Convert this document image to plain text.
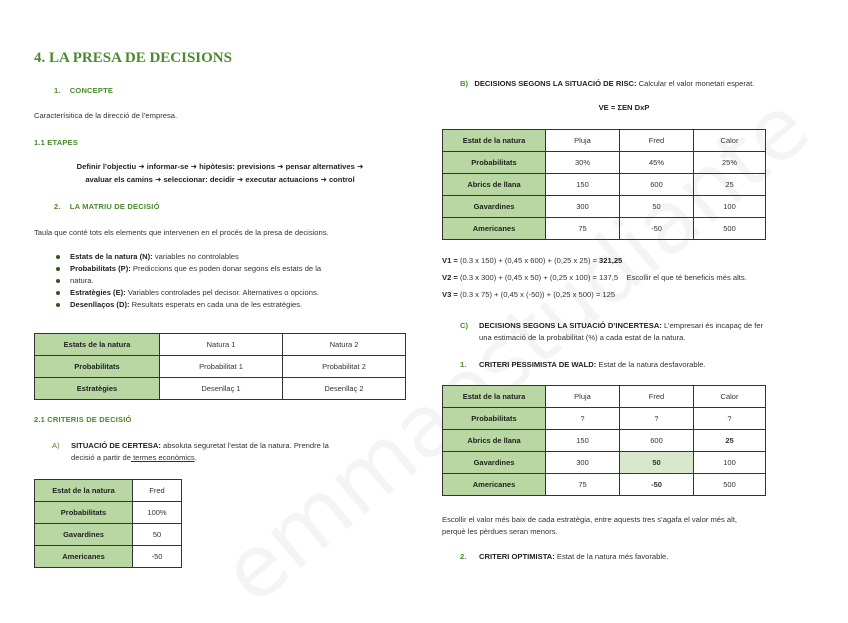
4. LA PRESA DE DECISIONS
1.    CONCEPTE
Caracterísitica de la direcció de l’empresa.
1.1 ETAPES
Definir l’objectiu ➜ informar-se ➜ hipòtesis: previsions ➜ pensar alternatives ➜
avaluar els camins ➜ seleccionar: decidir ➜ executar actuacions ➜ control
2.    LA MATRIU DE DECISIÓ
Taula que conté tots els elements que intervenen en el procés de la presa de decisions.
Estats de la natura (N): variables no controlables
Probabilitats (P): Prediccions que es poden donar segons els estats de la
natura.
Estratègies (E): Variables controlades pel decisor. Alternatives o opcions.
Desenllaços (D): Resultats esperats en cada una de les estratègies.
Estats de la natura	Natura 1	Natura 2
Probabilitats	Probabilitat 1	Probabilitat 2
Estratègies	Desenllaç 1	Desenllaç 2
2.1 CRITERIS DE DECISIÓ
A)	SITUACIÓ DE CERTESA: absoluta seguretat l’estat de la natura. Prendre la
decisió a partir de termes econòmics.
Estat de la natura	Fred
Probabilitats	100%
Gavardines	50
Americanes	-50
B) DECISIONS SEGONS LA SITUACIÓ DE RISC: Calcular el valor monetari esperat.
VE = ΣEN DxP
Estat de la natura	Pluja	Fred	Calor
Probabilitats	30%	45%	25%
Abrics de llana	150	600	25
Gavardines	300	50	100
Americanes	75	-50	500
V1 = (0.3 x 150) + (0,45 x 600) + (0,25 x 25) = 321,25
V2 = (0.3 x 300) + (0,45 x 50) + (0,25 x 100) = 137,5 Escollir el que té beneficis més alts.
V3 = (0.3 x 75) + (0,45 x (-50)) + (0,25 x 500) = 125
C)	DECISIONS SEGONS LA SITUACIÓ D’INCERTESA: L’empresari és incapaç de fer
una estimació de la probabilitat (%) a cada estat de la natura.
1.	CRITERI PESSIMISTA DE WALD: Estat de la natura desfavorable.
Estat de la natura	Pluja	Fred	Calor
Probabilitats	?	?	?
Abrics de llana	150	600	25
Gavardines	300	50	100
Americanes	75	-50	500
Escollir el valor més baix de cada estratègia, entre aquests tres s’agafa el valor més alt,
perquè les pèrdues seran menors.
2.	CRITERI OPTIMISTA: Estat de la natura més favorable.
